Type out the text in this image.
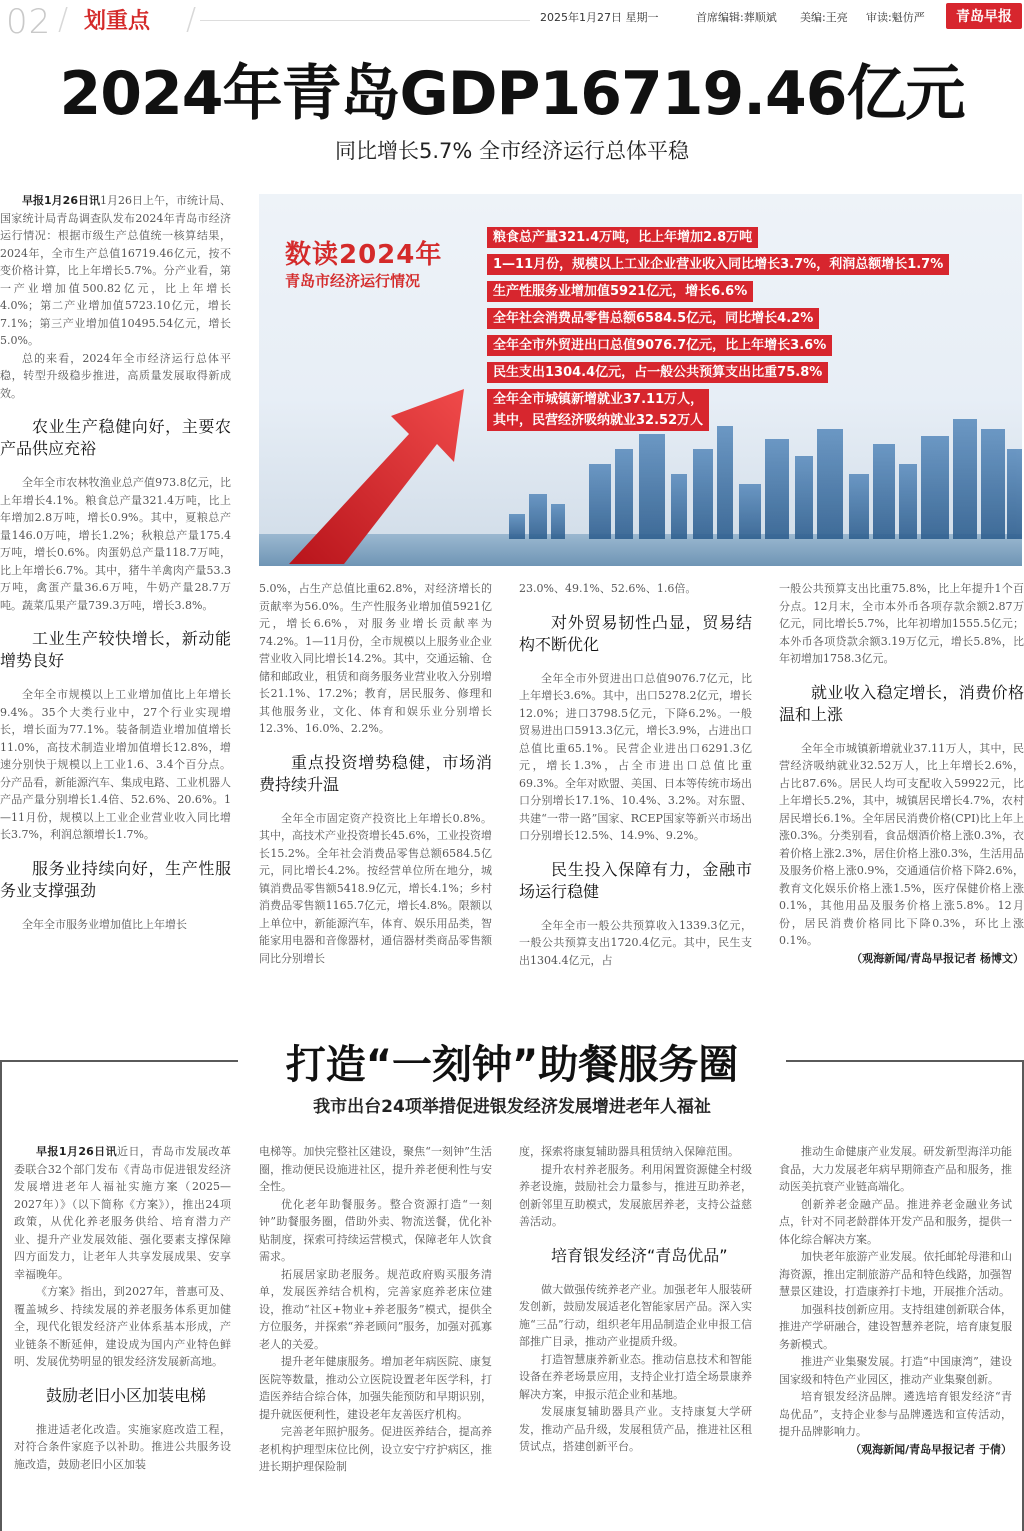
02 / 划重点 /	2025年1月27日 星期一	首席编辑:葬顺斌 美编:王亮 审读:魁仿严 青岛早报
2024年青岛GDP16719.46亿元
同比增长5.7% 全市经济运行总体平稳

早报1月26日讯1月26日上午，市统计局、国家统计局青岛调查队发布2024年青岛市经济运行情况：根据市级生产总值统一核算结果，2024年，全市生产总值16719.46亿元，按不变价格计算，比上年增长5.7%。分产业看，第一产业增加值500.82亿元，比上年增长4.0%；第二产业增加值5723.10亿元，增长7.1%；第三产业增加值10495.54亿元，增长5.0%。

总的来看，2024年全市经济运行总体平稳，转型升级稳步推进，高质量发展取得新成效。

农业生产稳健向好，主要农产品供应充裕

全年全市农林牧渔业总产值973.8亿元，比上年增长4.1%。粮食总产量321.4万吨，比上年增加2.8万吨，增长0.9%。其中，夏粮总产量146.0万吨，增长1.2%；秋粮总产量175.4万吨，增长0.6%。肉蛋奶总产量118.7万吨，比上年增长6.7%。其中，猪牛羊禽肉产量53.3万吨，禽蛋产量36.6万吨，牛奶产量28.7万吨。蔬菜瓜果产量739.3万吨，增长3.8%。

工业生产较快增长，新动能增势良好

全年全市规模以上工业增加值比上年增长9.4%。35个大类行业中，27个行业实现增长，增长面为77.1%。装备制造业增加值增长11.0%，高技术制造业增加值增长12.8%，增速分别快于规模以上工业1.6、3.4个百分点。分产品看，新能源汽车、集成电路、工业机器人产品产量分别增长1.4倍、52.6%、20.6%。1—11月份，规模以上工业企业营业收入同比增长3.7%，利润总额增长1.7%。

服务业持续向好，生产性服务业支撑强劲

全年全市服务业增加值比上年增长

数读2024年
青岛市经济运行情况
粮食总产量321.4万吨，比上年增加2.8万吨
1—11月份，规模以上工业企业营业收入同比增长3.7%，利润总额增长1.7%
生产性服务业增加值5921亿元，增长6.6%
全年社会消费品零售总额6584.5亿元，同比增长4.2%
全年全市外贸进出口总值9076.7亿元，比上年增长3.6%
民生支出1304.4亿元，占一般公共预算支出比重75.8%
全年全市城镇新增就业37.11万人，
其中，民营经济吸纳就业32.52万人

5.0%，占生产总值比重62.8%，对经济增长的贡献率为56.0%。生产性服务业增加值5921亿元，增长6.6%，对服务业增长贡献率为74.2%。1—11月份，全市规模以上服务业企业营业收入同比增长14.2%。其中，交通运输、仓储和邮政业，租赁和商务服务业营业收入分别增长21.1%、17.2%；教育，居民服务、修理和其他服务业，文化、体育和娱乐业分别增长12.3%、16.0%、2.2%。

重点投资增势稳健，市场消费持续升温

全年全市固定资产投资比上年增长0.8%。其中，高技术产业投资增长45.6%，工业投资增长15.2%。全年社会消费品零售总额6584.5亿元，同比增长4.2%。按经营单位所在地分，城镇消费品零售额5418.9亿元，增长4.1%；乡村消费品零售额1165.7亿元，增长4.8%。限额以上单位中，新能源汽车，体育、娱乐用品类，智能家用电器和音像器材，通信器材类商品零售额同比分别增长

23.0%、49.1%、52.6%、1.6倍。

对外贸易韧性凸显，贸易结构不断优化

全年全市外贸进出口总值9076.7亿元，比上年增长3.6%。其中，出口5278.2亿元，增长12.0%；进口3798.5亿元，下降6.2%。一般贸易进出口5913.3亿元，增长3.9%，占进出口总值比重65.1%。民营企业进出口6291.3亿元，增长1.3%，占全市进出口总值比重69.3%。全年对欧盟、美国、日本等传统市场出口分别增长17.1%、10.4%、3.2%。对东盟、共建“一带一路”国家、RCEP国家等新兴市场出口分别增长12.5%、14.9%、9.2%。

民生投入保障有力，金融市场运行稳健

全年全市一般公共预算收入1339.3亿元，一般公共预算支出1720.4亿元。其中，民生支出1304.4亿元，占

一般公共预算支出比重75.8%，比上年提升1个百分点。12月末，全市本外币各项存款余额2.87万亿元，同比增长5.7%，比年初增加1555.5亿元；本外币各项贷款余额3.19万亿元，增长5.8%，比年初增加1758.3亿元。

就业收入稳定增长，消费价格温和上涨

全年全市城镇新增就业37.11万人，其中，民营经济吸纳就业32.52万人，比上年增长2.6%，占比87.6%。居民人均可支配收入59922元，比上年增长5.2%，其中，城镇居民增长4.7%，农村居民增长6.1%。全年居民消费价格(CPI)比上年上涨0.3%。分类别看，食品烟酒价格上涨0.3%，衣着价格上涨2.3%，居住价格上涨0.3%，生活用品及服务价格上涨0.9%，交通通信价格下降2.6%，教育文化娱乐价格上涨1.5%，医疗保健价格上涨0.1%，其他用品及服务价格上涨5.8%。12月份，居民消费价格同比下降0.3%，环比上涨0.1%。

（观海新闻/青岛早报记者 杨博文）

打造“一刻钟”助餐服务圈
我市出台24项举措促进银发经济发展增进老年人福祉

早报1月26日讯近日，青岛市发展改革委联合32个部门发布《青岛市促进银发经济发展增进老年人福祉实施方案（2025—2027年）》（以下简称《方案》），推出24项政策，从优化养老服务供给、培育潜力产业、提升产业发展效能、强化要素支撑保障四方面发力，让老年人共享发展成果、安享幸福晚年。

《方案》指出，到2027年，普惠可及、覆盖城乡、持续发展的养老服务体系更加健全，现代化银发经济产业体系基本形成，产业链条不断延伸，建设成为国内产业特色鲜明、发展优势明显的银发经济发展新高地。

鼓励老旧小区加装电梯

推进适老化改造。实施家庭改造工程，对符合条件家庭予以补助。推进公共服务设施改造，鼓励老旧小区加装

电梯等。加快完整社区建设，聚焦“一刻钟”生活圈，推动便民设施进社区，提升养老便利性与安全性。

优化老年助餐服务。整合资源打造“一刻钟”助餐服务圈，借助外卖、物流送餐，优化补贴制度，探索可持续运营模式，保障老年人饮食需求。

拓展居家助老服务。规范政府购买服务清单，发展医养结合机构，完善家庭养老床位建设，推动“社区+物业+养老服务”模式，提供全方位服务，并探索“养老顾问”服务，加强对孤寡老人的关爱。

提升老年健康服务。增加老年病医院、康复医院等数量，推动公立医院设置老年医学科，打造医养结合综合体，加强失能预防和早期识别，提升就医便利性，建设老年友善医疗机构。

完善老年照护服务。促进医养结合，提高养老机构护理型床位比例，设立安宁疗护病区，推进长期护理保险制

度，探索将康复辅助器具租赁纳入保障范围。

提升农村养老服务。利用闲置资源健全村级养老设施，鼓励社会力量参与，推进互助养老，创新邻里互助模式，发展旅居养老，支持公益慈善活动。

培育银发经济“青岛优品”

做大做强传统养老产业。加强老年人服装研发创新，鼓励发展适老化智能家居产品。深入实施“三品”行动，组织老年用品制造企业申报工信部推广目录，推动产业提质升级。

打造智慧康养新业态。推动信息技术和智能设备在养老场景应用，支持企业打造全场景康养解决方案，申报示范企业和基地。

发展康复辅助器具产业。支持康复大学研发，推动产品升级，发展租赁产品，推进社区租赁试点，搭建创新平台。

推动生命健康产业发展。研发新型海洋功能食品，大力发展老年病早期筛查产品和服务，推动医美抗衰产业链高端化。

创新养老金融产品。推进养老金融业务试点，针对不同老龄群体开发产品和服务，提供一体化综合解决方案。

加快老年旅游产业发展。依托邮轮母港和山海资源，推出定制旅游产品和特色线路，加强智慧景区建设，打造康养打卡地，开展推介活动。

加强科技创新应用。支持组建创新联合体，推进产学研融合，建设智慧养老院，培育康复服务新模式。

推进产业集聚发展。打造“中国康湾”，建设国家级和特色产业园区，推动产业集聚创新。

培育银发经济品牌。遴选培育银发经济“青岛优品”，支持企业参与品牌遴选和宣传活动，提升品牌影响力。

（观海新闻/青岛早报记者 于倩）
